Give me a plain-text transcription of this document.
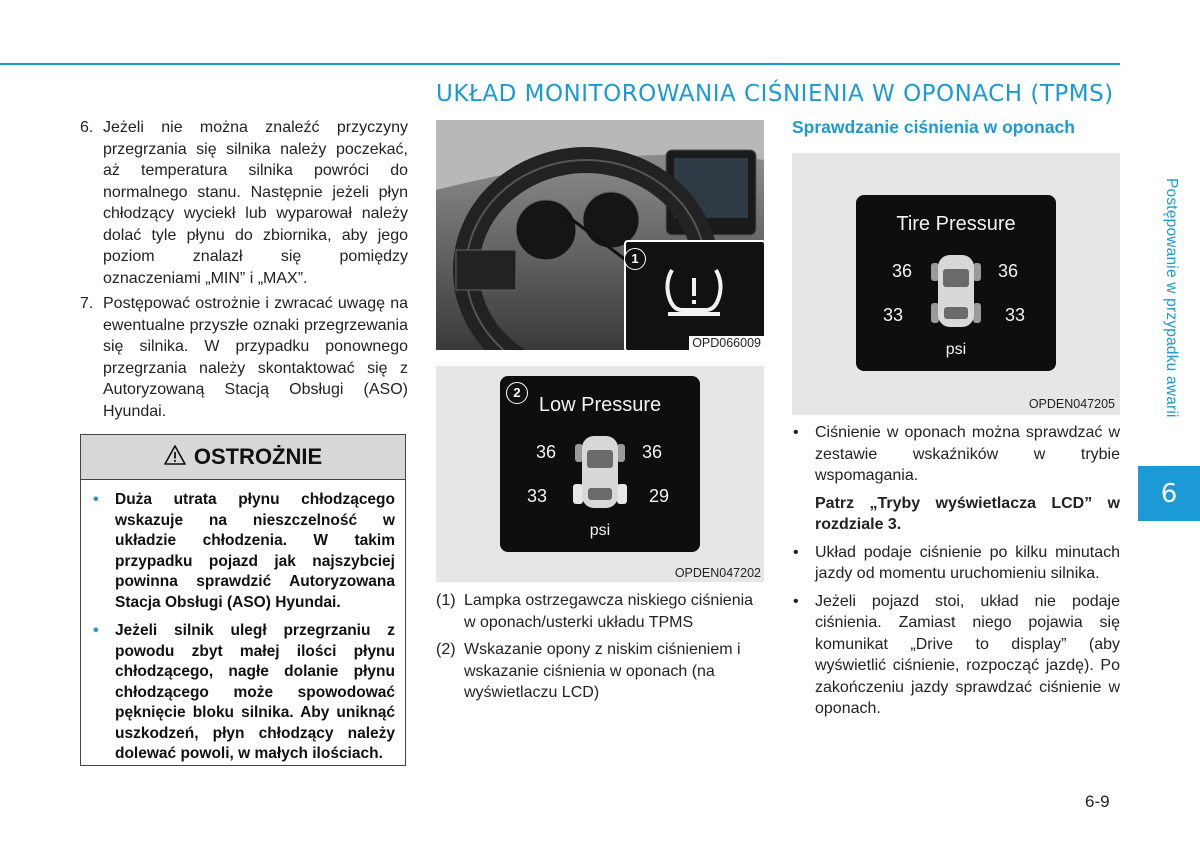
UKŁAD MONITOROWANIA CIŚNIENIA W OPONACH (TPMS)
6. Jeżeli nie można znaleźć przyczyny przegrzania się silnika należy poczekać, aż temperatura silnika powróci do normalnego stanu. Następnie jeżeli płyn chłodzący wyciekł lub wyparował należy dolać tyle płynu do zbiornika, aby jego poziom znalazł się pomiędzy oznaczeniami „MIN” i „MAX”.
7. Postępować ostrożnie i zwracać uwagę na ewentualne przyszłe oznaki przegrzewania się silnika. W przypadku ponownego przegrzania należy skontaktować się z Autoryzowaną Stacją Obsługi (ASO) Hyundai.
OSTROŻNIE
• Duża utrata płynu chłodzącego wskazuje na nieszczelność w układzie chłodzenia. W takim przypadku pojazd jak najszybciej powinna sprawdzić Autoryzowana Stacja Obsługi (ASO) Hyundai.
• Jeżeli silnik uległ przegrzaniu z powodu zbyt małej ilości płynu chłodzącego, nagłe dolanie płynu chłodzącego może spowodować pęknięcie bloku silnika. Aby uniknąć uszkodzeń, płyn chłodzący należy dolewać powoli, w małych ilościach.
1
OPD066009
Low Pressure
36	36
33	29
psi
2
OPDEN047202
(1) Lampka ostrzegawcza niskiego ciśnienia w oponach/usterki układu TPMS
(2) Wskazanie opony z niskim ciśnieniem i wskazanie ciśnienia w oponach (na wyświetlaczu LCD)
Sprawdzanie ciśnienia w oponach
Tire Pressure
36	36
33	33
psi
OPDEN047205
• Ciśnienie w oponach można sprawdzać w zestawie wskaźników w trybie wspomagania.
Patrz „Tryby wyświetlacza LCD” w rozdziale 3.
• Układ podaje ciśnienie po kilku minutach jazdy od momentu uruchomieniu silnika.
• Jeżeli pojazd stoi, układ nie podaje ciśnienia. Zamiast niego pojawia się komunikat „Drive to display” (aby wyświetlić ciśnienie, rozpocząć jazdę). Po zakończeniu jazdy sprawdzać ciśnienie w oponach.
Postępowanie w przypadku awarii
6
6-9
